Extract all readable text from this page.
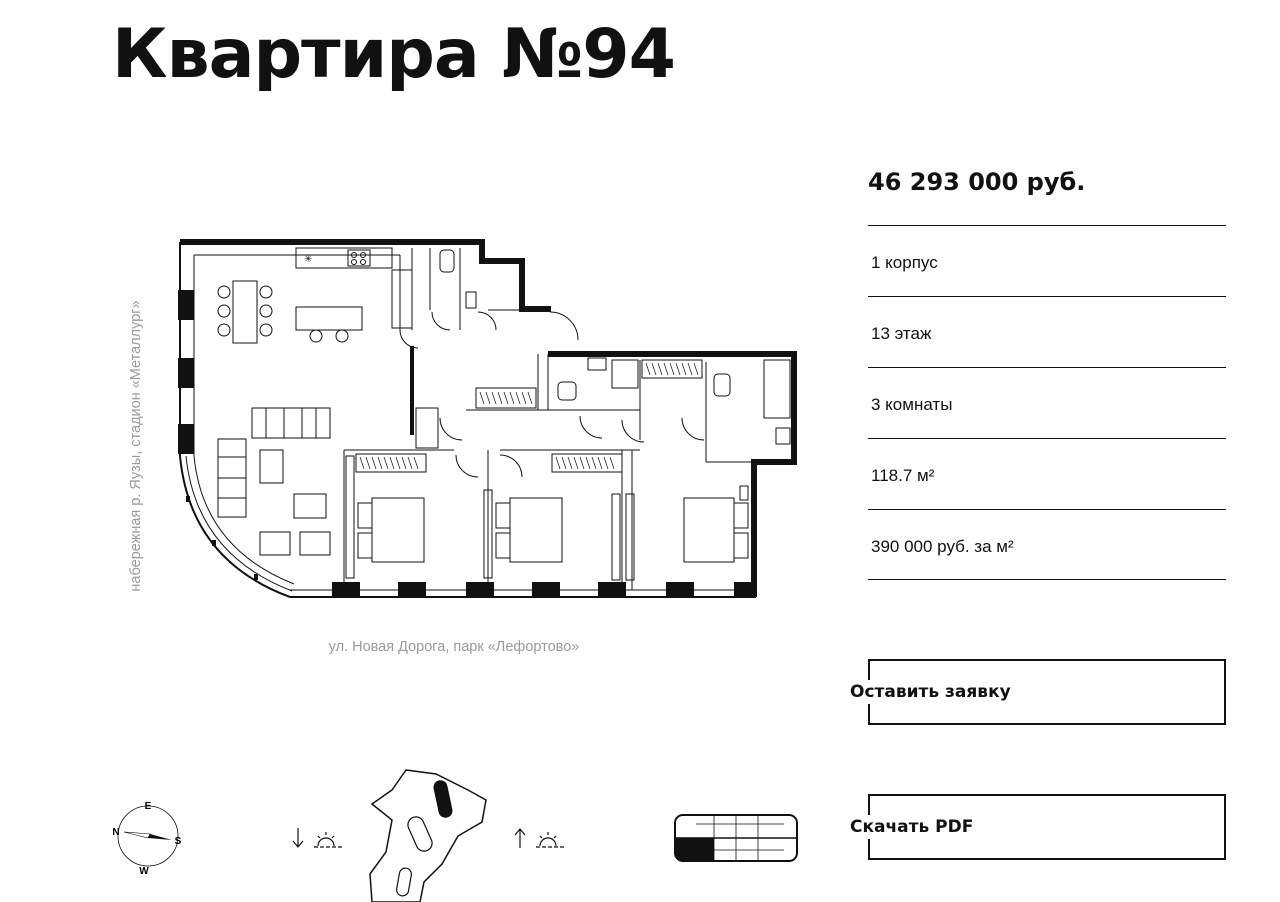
Квартира №94
✳
набережная р. Яузы, стадион «Металлург»
ул. Новая Дорога, парк «Лефортово»
46 293 000 руб.
1 корпус
13 этаж
3 комнаты
118.7 м²
390 000 руб. за м²
Оставить заявку
Скачать PDF
E
S
W
N
